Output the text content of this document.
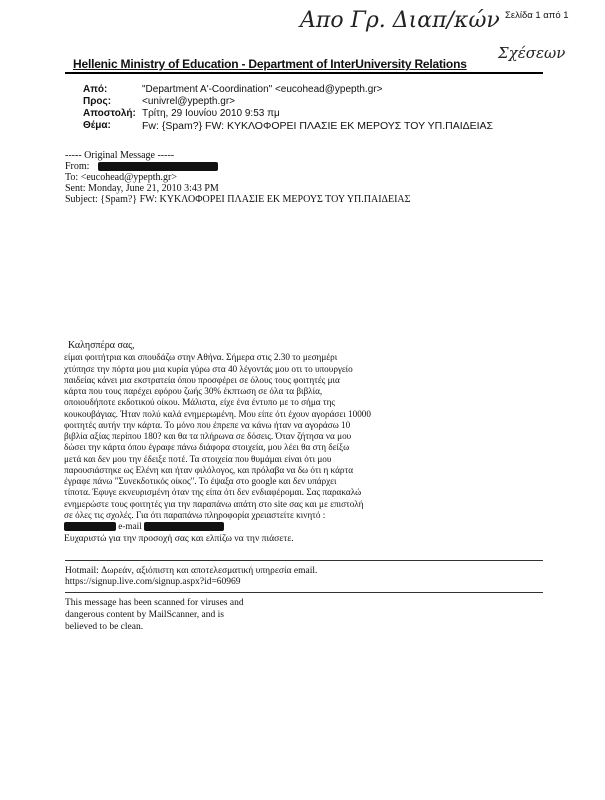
Απο Γρ. Διαπ/κών
Σχέσεων
Σελίδα 1 από 1
Hellenic Ministry of Education - Department of InterUniversity Relations
Από:	"Department A'-Coordination" <eucohead@ypepth.gr>
Προς:	<univrel@ypepth.gr>
Αποστολή: Τρίτη, 29 Ιουνίου 2010 9:53 πμ
Θέμα:	Fw: {Spam?} FW: ΚΥΚΛΟΦΟΡΕΙ ΠΛΑΣΙΕ ΕΚ ΜΕΡΟΥΣ ΤΟΥ ΥΠ.ΠΑΙΔΕΙΑΣ
----- Original Message -----
From:
To: <eucohead@ypepth.gr>
Sent: Monday, June 21, 2010 3:43 PM
Subject: {Spam?} FW: ΚΥΚΛΟΦΟΡΕΙ ΠΛΑΣΙΕ ΕΚ ΜΕΡΟΥΣ ΤΟΥ ΥΠ.ΠΑΙΔΕΙΑΣ
Καλησπέρα σας,
είμαι φοιτήτρια και σπουδάζω στην Αθήνα. Σήμερα στις 2.30 το μεσημέρι
χτύπησε την πόρτα μου μια κυρία γύρω στα 40 λέγοντάς μου οτι το υπουργείο
παιδείας κάνει μια εκστρατεία όπου προσφέρει σε όλους τους φοιτητές μια
κάρτα που τους παρέχει εφόρου ζωής 30% έκπτωση σε όλα τα βιβλία,
οποιουδήποτε εκδοτικού οίκου. Μάλιστα, είχε ένα έντυπο με το σήμα της
κουκουβάγιας. Ήταν πολύ καλά ενημερωμένη. Μου είπε ότι έχουν αγοράσει 10000
φοιτητές αυτήν την κάρτα. Το μόνο που έπρεπε να κάνω ήταν να αγοράσω 10
βιβλία αξίας περίπου 180? και θα τα πλήρωνα σε δόσεις. Όταν ζήτησα να μου
δώσει την κάρτα όπου έγραφε πάνω διάφορα στοιχεία, μου λέει θα στη δείξω
μετά και δεν μου την έδειξε ποτέ. Τα στοιχεία που θυμάμαι είναι ότι μου
παρουσιάστηκε ως Ελένη και ήταν φιλόλογος, και πρόλαβα να δω ότι η κάρτα
έγραφε πάνω "Συνεκδοτικός οίκος". Το έψαξα στο google και δεν υπάρχει
τίποτα. Έφυγε εκνευρισμένη όταν της είπα ότι δεν ενδιαφέρομαι. Σας παρακαλώ
ενημερώστε τους φοιτητές για την παραπάνω απάτη στο site σας και με επιστολή
σε όλες τις σχολές. Για ότι παραπάνω πληροφορία χρειαστείτε κινητό :
e-mail
Ευχαριστώ για την προσοχή σας και ελπίζω να την πιάσετε.
Hotmail: Δωρεάν, αξιόπιστη και αποτελεσματική υπηρεσία email.
https://signup.live.com/signup.aspx?id=60969
This message has been scanned for viruses and
dangerous content by MailScanner, and is
believed to be clean.
